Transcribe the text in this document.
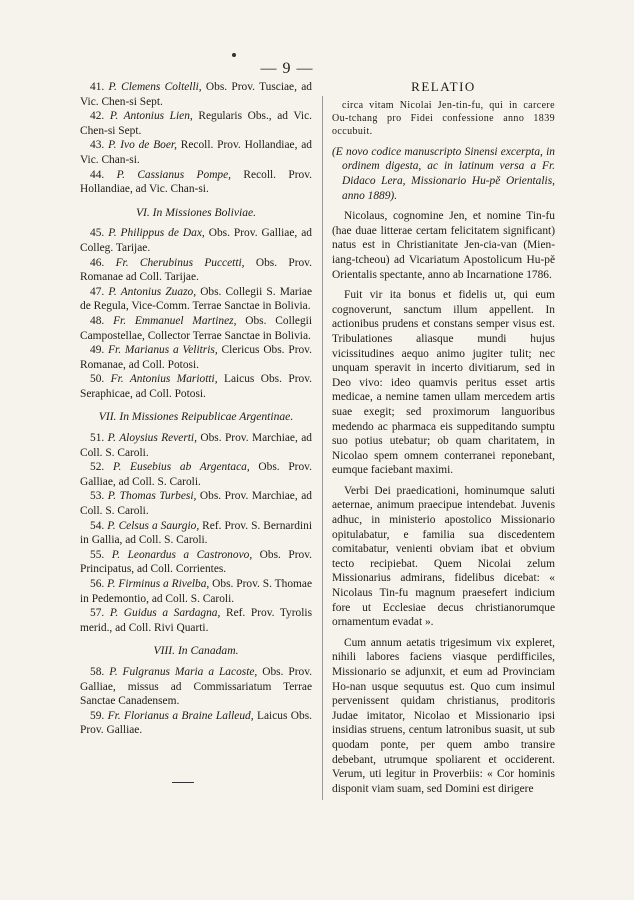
— 9 —

41. P. Clemens Coltelli, Obs. Prov. Tusciae, ad Vic. Chen-si Sept.

42. P. Antonius Lien, Regularis Obs., ad Vic. Chen-si Sept.

43. P. Ivo de Boer, Recoll. Prov. Hollandiae, ad Vic. Chan-si.

44. P. Cassianus Pompe, Recoll. Prov. Hollandiae, ad Vic. Chan-si.

VI. In Missiones Boliviae.

45. P. Philippus de Dax, Obs. Prov. Galliae, ad Colleg. Tarijae.

46. Fr. Cherubinus Puccetti, Obs. Prov. Romanae ad Coll. Tarijae.

47. P. Antonius Zuazo, Obs. Collegii S. Mariae de Regula, Vice-Comm. Terrae Sanctae in Bolivia.

48. Fr. Emmanuel Martinez, Obs. Collegii Campostellae, Collector Terrae Sanctae in Bolivia.

49. Fr. Marianus a Velitris, Clericus Obs. Prov. Romanae, ad Coll. Potosi.

50. Fr. Antonius Mariotti, Laicus Obs. Prov. Seraphicae, ad Coll. Potosi.

VII. In Missiones Reipublicae Argentinae.

51. P. Aloysius Reverti, Obs. Prov. Marchiae, ad Coll. S. Caroli.

52. P. Eusebius ab Argentaca, Obs. Prov. Galliae, ad Coll. S. Caroli.

53. P. Thomas Turbesi, Obs. Prov. Marchiae, ad Coll. S. Caroli.

54. P. Celsus a Saurgio, Ref. Prov. S. Bernardini in Gallia, ad Coll. S. Caroli.

55. P. Leonardus a Castronovo, Obs. Prov. Principatus, ad Coll. Corrientes.

56. P. Firminus a Rivelba, Obs. Prov. S. Thomae in Pedemontio, ad Coll. S. Caroli.

57. P. Guidus a Sardagna, Ref. Prov. Tyrolis merid., ad Coll. Rivi Quarti.

VIII. In Canadam.

58. P. Fulgranus Maria a Lacoste, Obs. Prov. Galliae, missus ad Commissariatum Terrae Sanctae Canadensem.

59. Fr. Florianus a Braine Lalleud, Laicus Obs. Prov. Galliae.

RELATIO

circa vitam Nicolai Jen-tin-fu, qui in carcere Ou-tchang pro Fidei confessione anno 1839 occubuit.

(E novo codice manuscripto Sinensi excerpta, in ordinem digesta, ac in latinum versa a Fr. Didaco Lera, Missionario Hu-pě Orientalis, anno 1889).

Nicolaus, cognomine Jen, et nomine Tin-fu (hae duae litterae certam felicitatem significant) natus est in Christianitate Jen-cia-van (Mien-iang-tcheou) ad Vicariatum Apostolicum Hu-pě Orientalis spectante, anno ab Incarnatione 1786.

Fuit vir ita bonus et fidelis ut, qui eum cognoverunt, sanctum illum appellent. In actionibus prudens et constans semper visus est. Tribulationes aliasque mundi hujus vicissitudines aequo animo jugiter tulit; nec unquam speravit in incerto divitiarum, sed in Deo vivo: ideo quamvis peritus esset artis medicae, a nemine tamen ullam mercedem artis suae exegit; sed proximorum languoribus medendo ac pharmaca eis suppeditando sumptu suo potius utebatur; ob quam charitatem, in Nicolao spem omnem conterranei reponebant, eumque faciebant maximi.

Verbi Dei praedicationi, hominumque saluti aeternae, animum praecipue intendebat. Juvenis adhuc, in ministerio apostolico Missionario opitulabatur, e familia sua discedentem comitabatur, venienti obviam ibat et obvium tecto recipiebat. Quem Nicolai zelum Missionarius admirans, fidelibus dicebat: « Nicolaus Tin-fu magnum praesefert indicium fore ut Ecclesiae decus christianorumque ornamentum evadat ».

Cum annum aetatis trigesimum vix expleret, nihili labores faciens viasque perdifficiles, Missionario se adjunxit, et eum ad Provinciam Ho-nan usque sequutus est. Quo cum insimul pervenissent quidam christianus, proditoris Judae imitator, Nicolao et Missionario ipsi insidias struens, centum latronibus suasit, ut sub quodam ponte, per quem ambo transire debebant, utrumque spoliarent et occiderent. Verum, uti legitur in Proverbiis: « Cor hominis disponit viam suam, sed Domini est dirigere
